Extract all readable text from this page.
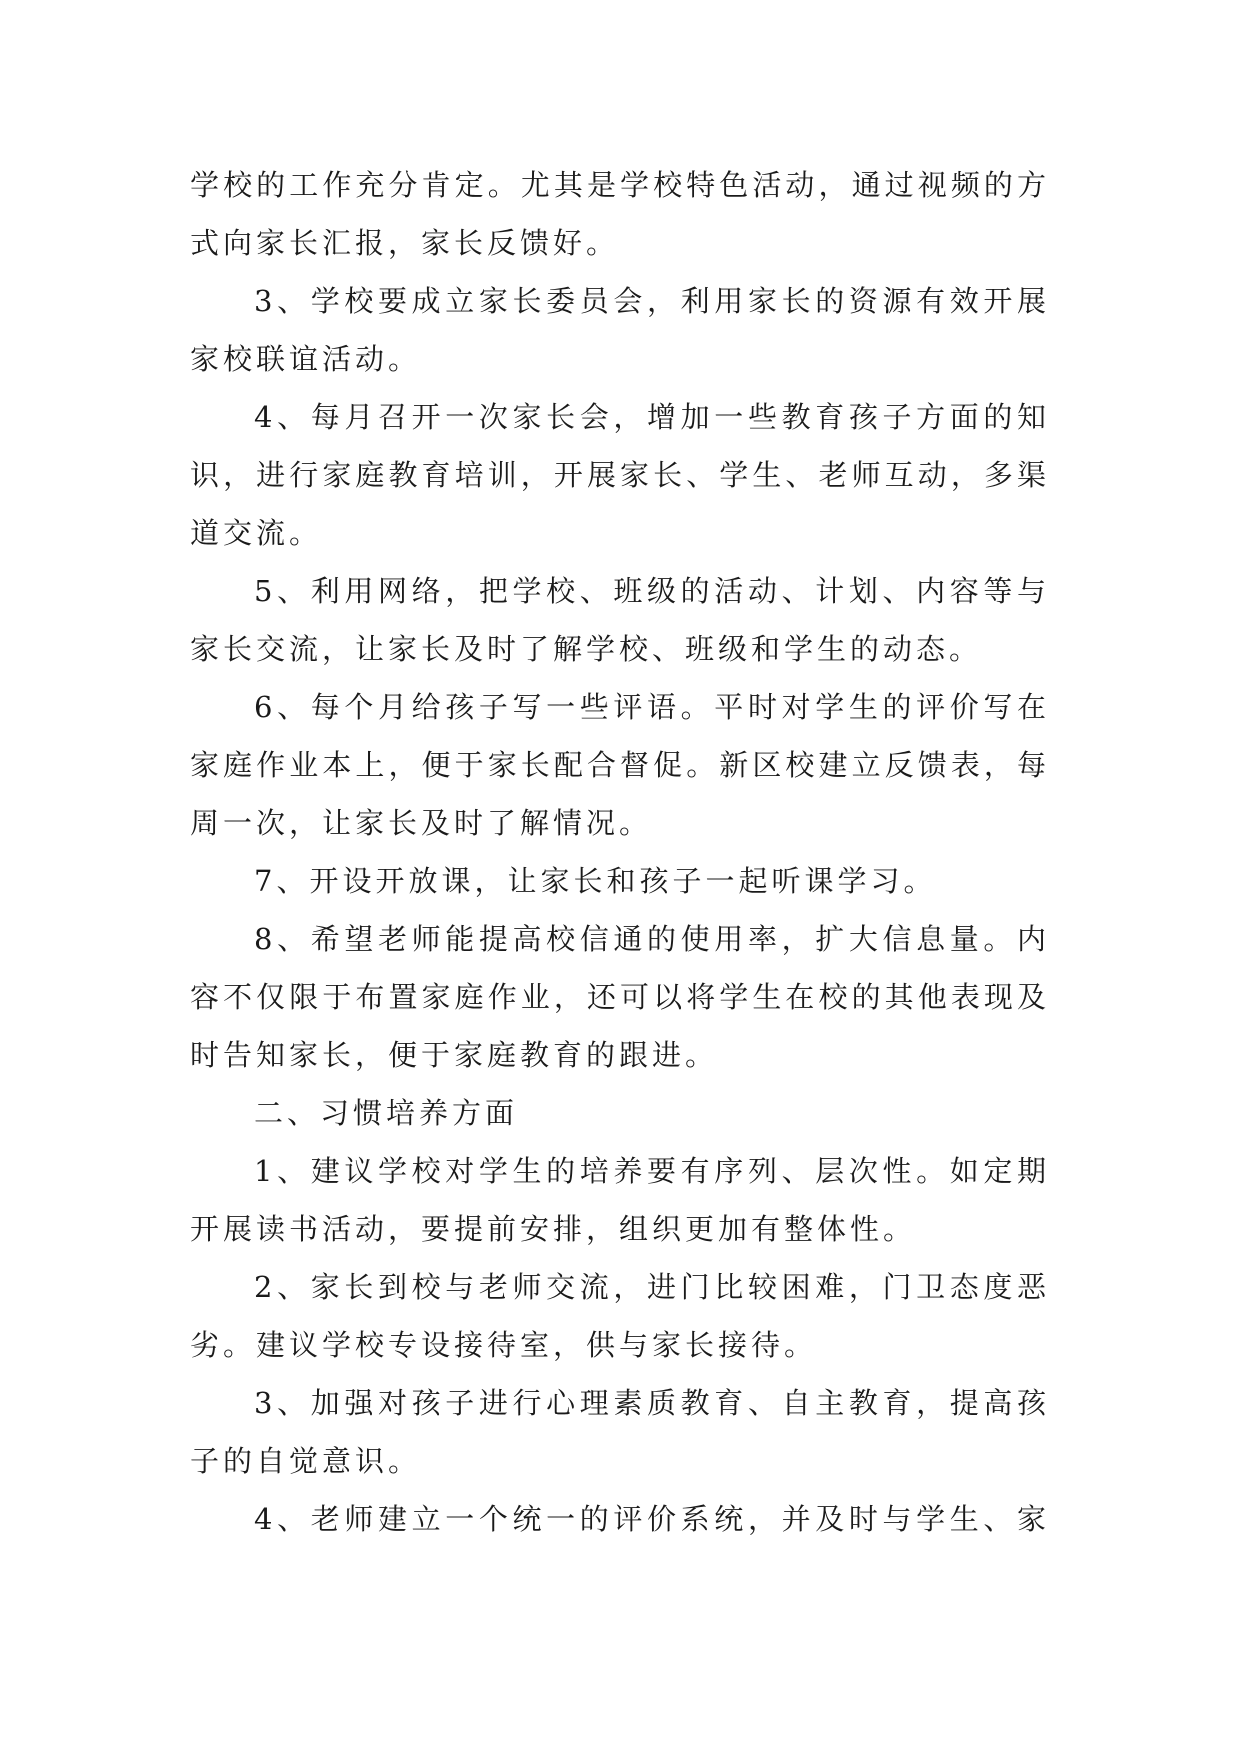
学校的工作充分肯定。尤其是学校特色活动，通过视频的方
式向家长汇报，家长反馈好。
3、学校要成立家长委员会，利用家长的资源有效开展
家校联谊活动。
4、每月召开一次家长会，增加一些教育孩子方面的知
识，进行家庭教育培训，开展家长、学生、老师互动，多渠
道交流。
5、利用网络，把学校、班级的活动、计划、内容等与
家长交流，让家长及时了解学校、班级和学生的动态。
6、每个月给孩子写一些评语。平时对学生的评价写在
家庭作业本上，便于家长配合督促。新区校建立反馈表，每
周一次，让家长及时了解情况。
7、开设开放课，让家长和孩子一起听课学习。
8、希望老师能提高校信通的使用率，扩大信息量。内
容不仅限于布置家庭作业，还可以将学生在校的其他表现及
时告知家长，便于家庭教育的跟进。
二、习惯培养方面
1、建议学校对学生的培养要有序列、层次性。如定期
开展读书活动，要提前安排，组织更加有整体性。
2、家长到校与老师交流，进门比较困难，门卫态度恶
劣。建议学校专设接待室，供与家长接待。
3、加强对孩子进行心理素质教育、自主教育，提高孩
子的自觉意识。
4、老师建立一个统一的评价系统，并及时与学生、家
